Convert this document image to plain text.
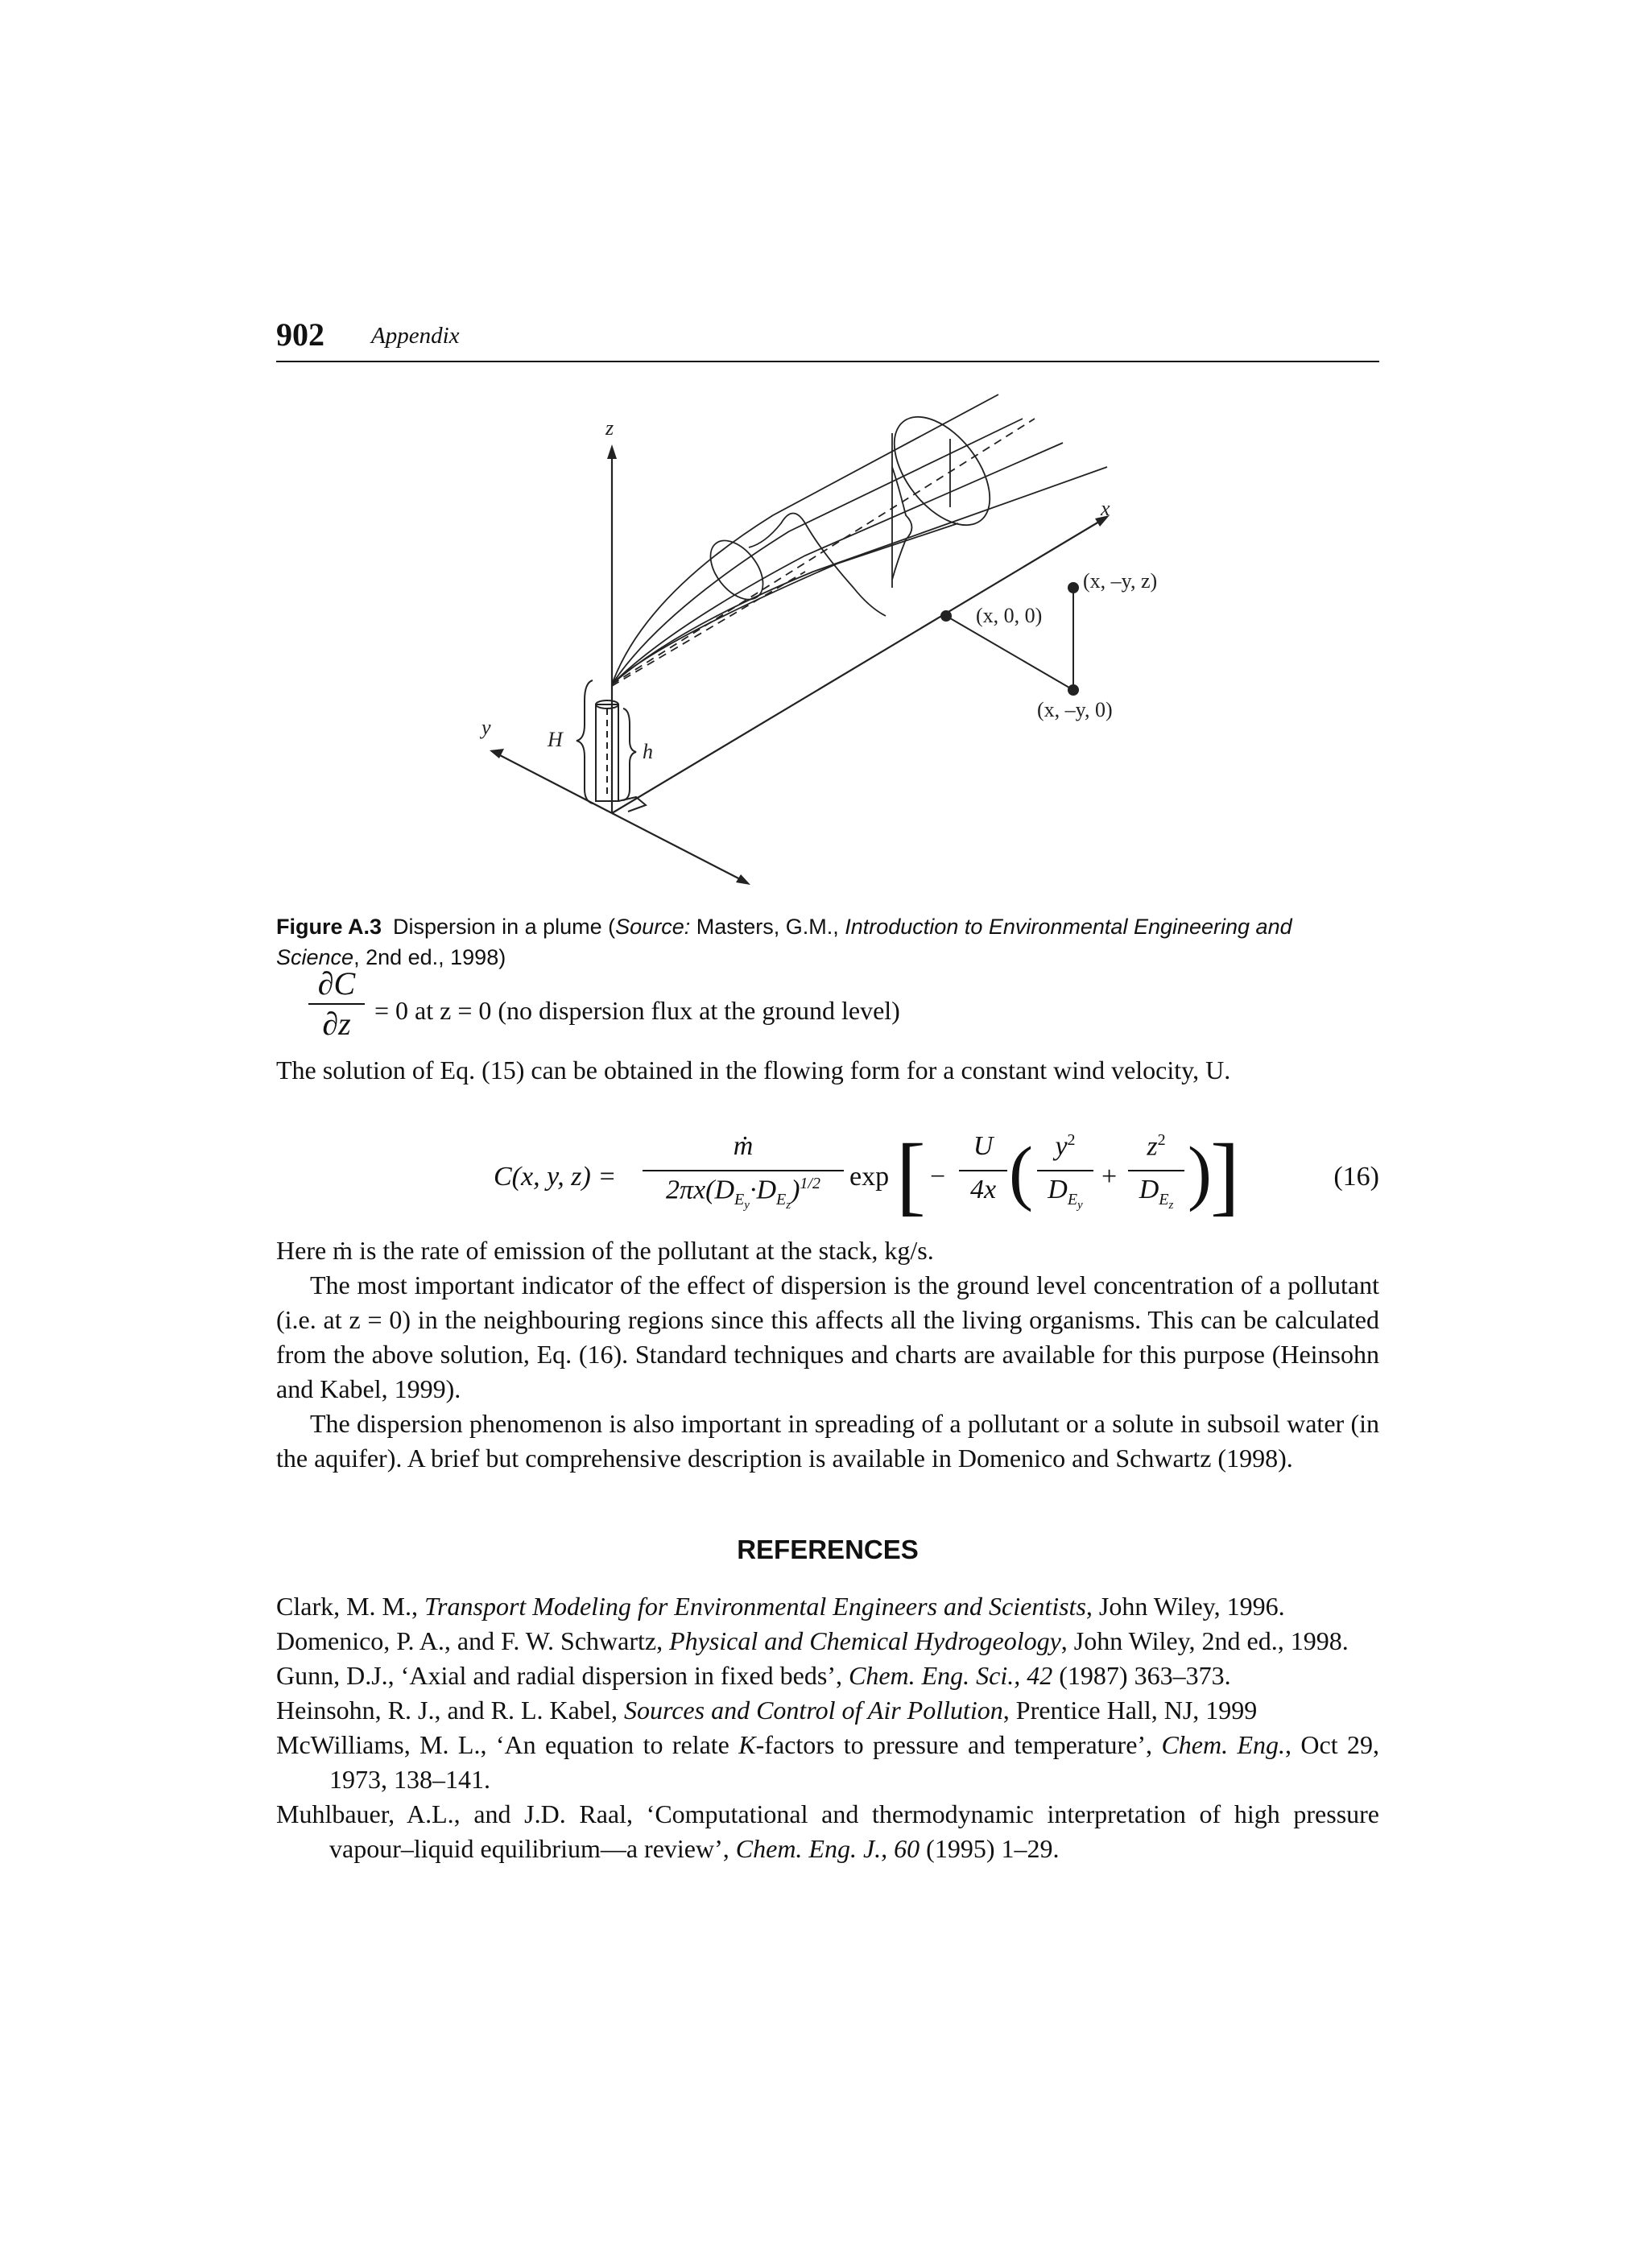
902 Appendix
z
y
x
H
h
(x, 0, 0)
(x, –y, z)
(x, –y, 0)
Figure A.3 Dispersion in a plume (Source: Masters, G.M., Introduction to Environmental Engineering and Science, 2nd ed., 1998)
∂C
∂z = 0 at z = 0 (no dispersion flux at the ground level)

The solution of Eq. (15) can be obtained in the flowing form for a constant wind velocity, U.

C(x, y, z) =
ṁ
$2\pi x(D_{E_y}\cdot D_{E_z})^{1/2}$	exp [ −
U
4x ( $y^2$
$D_{E_y}$
+
$z^2$
$D_{E_z}$ )
]	(16)

Here ṁ is the rate of emission of the pollutant at the stack, kg/s.

The most important indicator of the effect of dispersion is the ground level concentration of a pollutant (i.e. at z = 0) in the neighbouring regions since this affects all the living organisms. This can be calculated from the above solution, Eq. (16). Standard techniques and charts are available for this purpose (Heinsohn and Kabel, 1999).

The dispersion phenomenon is also important in spreading of a pollutant or a solute in subsoil water (in the aquifer). A brief but comprehensive description is available in Domenico and Schwartz (1998).

REFERENCES

Clark, M. M., Transport Modeling for Environmental Engineers and Scientists, John Wiley, 1996.

Domenico, P. A., and F. W. Schwartz, Physical and Chemical Hydrogeology, John Wiley, 2nd ed., 1998.

Gunn, D.J., ‘Axial and radial dispersion in fixed beds’, Chem. Eng. Sci., 42 (1987) 363–373.

Heinsohn, R. J., and R. L. Kabel, Sources and Control of Air Pollution, Prentice Hall, NJ, 1999

McWilliams, M. L., ‘An equation to relate K-factors to pressure and temperature’, Chem. Eng., Oct 29, 1973, 138–141.

Muhlbauer, A.L., and J.D. Raal, ‘Computational and thermodynamic interpretation of high pressure vapour–liquid equilibrium—a review’, Chem. Eng. J., 60 (1995) 1–29.
